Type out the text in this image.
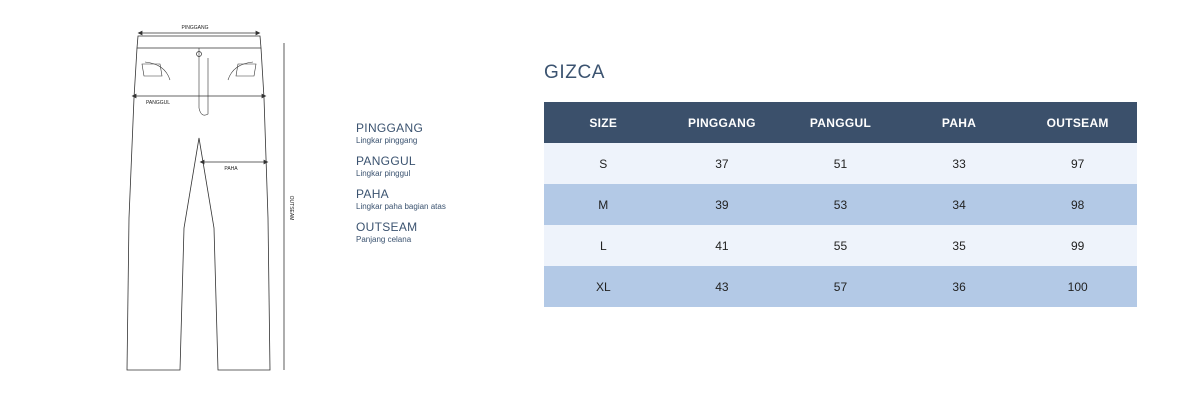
PINGGANG
PANGGUL
PAHA
OUTSEAM
PINGGANG
Lingkar pinggang
PANGGUL
Lingkar pinggul
PAHA
Lingkar paha bagian atas
OUTSEAM
Panjang celana
GIZCA
SIZE	PINGGANG	PANGGUL	PAHA	OUTSEAM
S	37	51	33	97
M	39	53	34	98
L	41	55	35	99
XL	43	57	36	100
